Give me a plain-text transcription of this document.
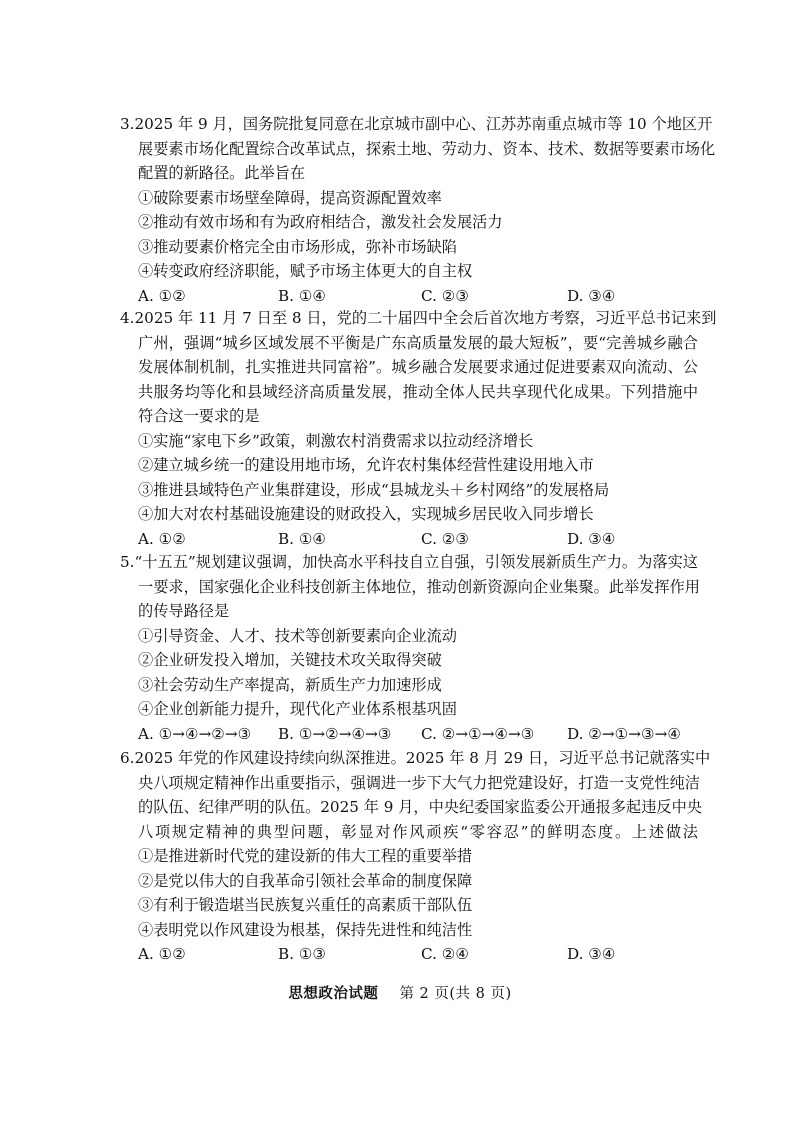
3.2025 年 9 月，国务院批复同意在北京城市副中心、江苏苏南重点城市等 10 个地区开
展要素市场化配置综合改革试点，探索土地、劳动力、资本、技术、数据等要素市场化
配置的新路径。此举旨在
①破除要素市场壁垒障碍，提高资源配置效率
②推动有效市场和有为政府相结合，激发社会发展活力
③推动要素价格完全由市场形成，弥补市场缺陷
④转变政府经济职能，赋予市场主体更大的自主权
A. ①②	B. ①④	C. ②③	D. ③④
4.2025 年 11 月 7 日至 8 日，党的二十届四中全会后首次地方考察，习近平总书记来到
广州，强调“城乡区域发展不平衡是广东高质量发展的最大短板”，要“完善城乡融合
发展体制机制，扎实推进共同富裕”。城乡融合发展要求通过促进要素双向流动、公
共服务均等化和县域经济高质量发展，推动全体人民共享现代化成果。下列措施中
符合这一要求的是
①实施“家电下乡”政策，刺激农村消费需求以拉动经济增长
②建立城乡统一的建设用地市场，允许农村集体经营性建设用地入市
③推进县域特色产业集群建设，形成“县城龙头＋乡村网络”的发展格局
④加大对农村基础设施建设的财政投入，实现城乡居民收入同步增长
A. ①②	B. ①④	C. ②③	D. ③④
5.“十五五”规划建议强调，加快高水平科技自立自强，引领发展新质生产力。为落实这
一要求，国家强化企业科技创新主体地位，推动创新资源向企业集聚。此举发挥作用
的传导路径是
①引导资金、人才、技术等创新要素向企业流动
②企业研发投入增加，关键技术攻关取得突破
③社会劳动生产率提高，新质生产力加速形成
④企业创新能力提升，现代化产业体系根基巩固
A. ①→④→②→③	B. ①→②→④→③	C. ②→①→④→③	D. ②→①→③→④
6.2025 年党的作风建设持续向纵深推进。2025 年 8 月 29 日，习近平总书记就落实中
央八项规定精神作出重要指示，强调进一步下大气力把党建设好，打造一支党性纯洁
的队伍、纪律严明的队伍。2025 年 9 月，中央纪委国家监委公开通报多起违反中央
八项规定精神的典型问题，彰显对作风顽疾“零容忍”的鲜明态度。上述做法
①是推进新时代党的建设新的伟大工程的重要举措
②是党以伟大的自我革命引领社会革命的制度保障
③有利于锻造堪当民族复兴重任的高素质干部队伍
④表明党以作风建设为根基，保持先进性和纯洁性
A. ①②	B. ①③	C. ②④	D. ③④
思想政治试题 第 2 页(共 8 页)
